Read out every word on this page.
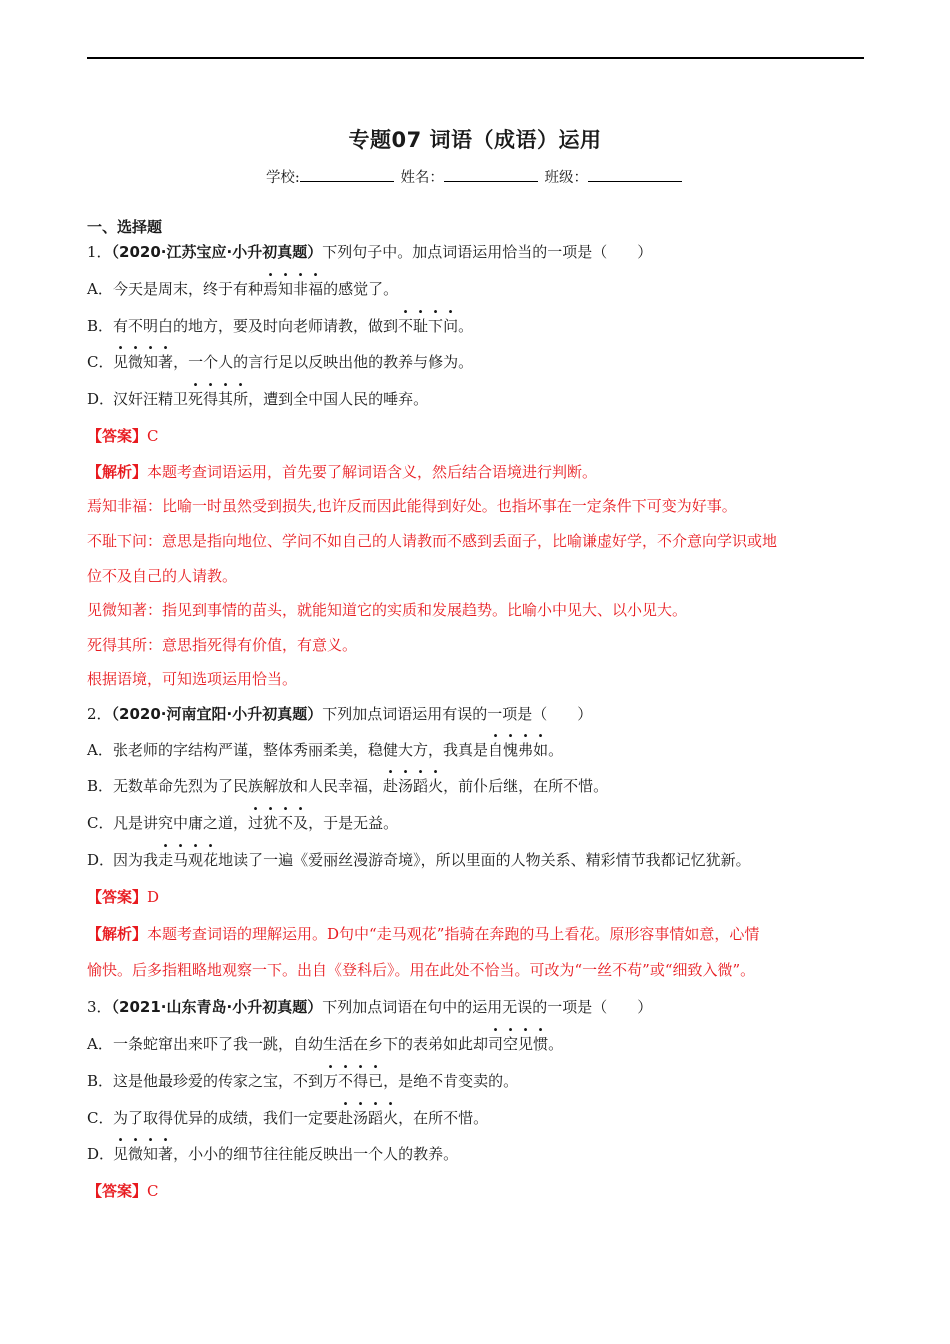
专题07 词语（成语）运用
学校:	姓名：	班级：
一、选择题
1．（2020·江苏宝应·小升初真题）下列句子中。加点词语运用恰当的一项是（　　）
A．今天是周末，终于有种焉知非福的感觉了。
B．有不明白的地方，要及时向老师请教，做到不耻下问。
C．见微知著，一个人的言行足以反映出他的教养与修为。
D．汉奸汪精卫死得其所，遭到全中国人民的唾弃。
【答案】C
【解析】本题考查词语运用，首先要了解词语含义，然后结合语境进行判断。
焉知非福：比喻一时虽然受到损失,也许反而因此能得到好处。也指坏事在一定条件下可变为好事。
不耻下问：意思是指向地位、学问不如自己的人请教而不感到丢面子，比喻谦虚好学，不介意向学识或地
位不及自己的人请教。
见微知著：指见到事情的苗头，就能知道它的实质和发展趋势。比喻小中见大、以小见大。
死得其所：意思指死得有价值，有意义。
根据语境，可知选项运用恰当。
2．（2020·河南宜阳·小升初真题）下列加点词语运用有误的一项是（　　）
A．张老师的字结构严谨，整体秀丽柔美，稳健大方，我真是自愧弗如。
B．无数革命先烈为了民族解放和人民幸福，赴汤蹈火，前仆后继，在所不惜。
C．凡是讲究中庸之道，过犹不及，于是无益。
D．因为我走马观花地读了一遍《爱丽丝漫游奇境》，所以里面的人物关系、精彩情节我都记忆犹新。
【答案】D
【解析】本题考查词语的理解运用。D句中“走马观花”指骑在奔跑的马上看花。原形容事情如意，心情
愉快。后多指粗略地观察一下。出自《登科后》。用在此处不恰当。可改为“一丝不苟”或“细致入微”。
3．（2021·山东青岛·小升初真题）下列加点词语在句中的运用无误的一项是（　　）
A．一条蛇窜出来吓了我一跳，自幼生活在乡下的表弟如此却司空见惯。
B．这是他最珍爱的传家之宝，不到万不得已，是绝不肯变卖的。
C．为了取得优异的成绩，我们一定要赴汤蹈火，在所不惜。
D．见微知著，小小的细节往往能反映出一个人的教养。
【答案】C
